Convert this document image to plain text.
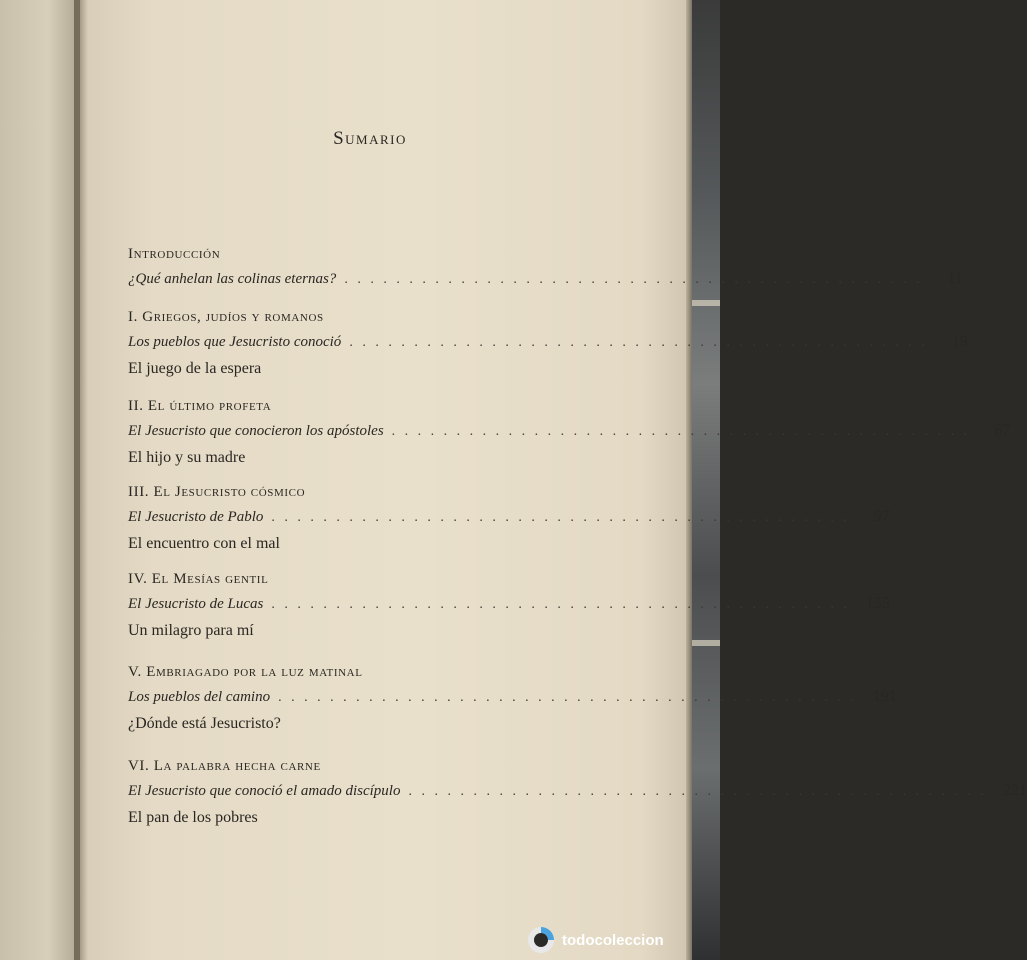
Sumario
Introducción
¿Qué anhelan las colinas eternas? . . . . . . . . . . . . . . . . . . . . . . . . . . . . . . . . . . . . . . . . . . . . .	11
I. Griegos, judíos y romanos
Los pueblos que Jesucristo conoció . . . . . . . . . . . . . . . . . . . . . . . . . . . . . . . . . . . . . . . . . . . . .	19
El juego de la espera
II. El último profeta
El Jesucristo que conocieron los apóstoles . . . . . . . . . . . . . . . . . . . . . . . . . . . . . . . . . . . . . . . . . . . . .	67
El hijo y su madre
III. El Jesucristo cósmico
El Jesucristo de Pablo . . . . . . . . . . . . . . . . . . . . . . . . . . . . . . . . . . . . . . . . . . . . .	97
El encuentro con el mal
IV. El Mesías gentil
El Jesucristo de Lucas . . . . . . . . . . . . . . . . . . . . . . . . . . . . . . . . . . . . . . . . . . . . .	155
Un milagro para mí
V. Embriagado por la luz matinal
Los pueblos del camino . . . . . . . . . . . . . . . . . . . . . . . . . . . . . . . . . . . . . . . . . . . . .	191
¿Dónde está Jesucristo?
VI. La palabra hecha carne
El Jesucristo que conoció el amado discípulo . . . . . . . . . . . . . . . . . . . . . . . . . . . . . . . . . . . . . . . . . . . . .	221
El pan de los pobres
todocoleccion
